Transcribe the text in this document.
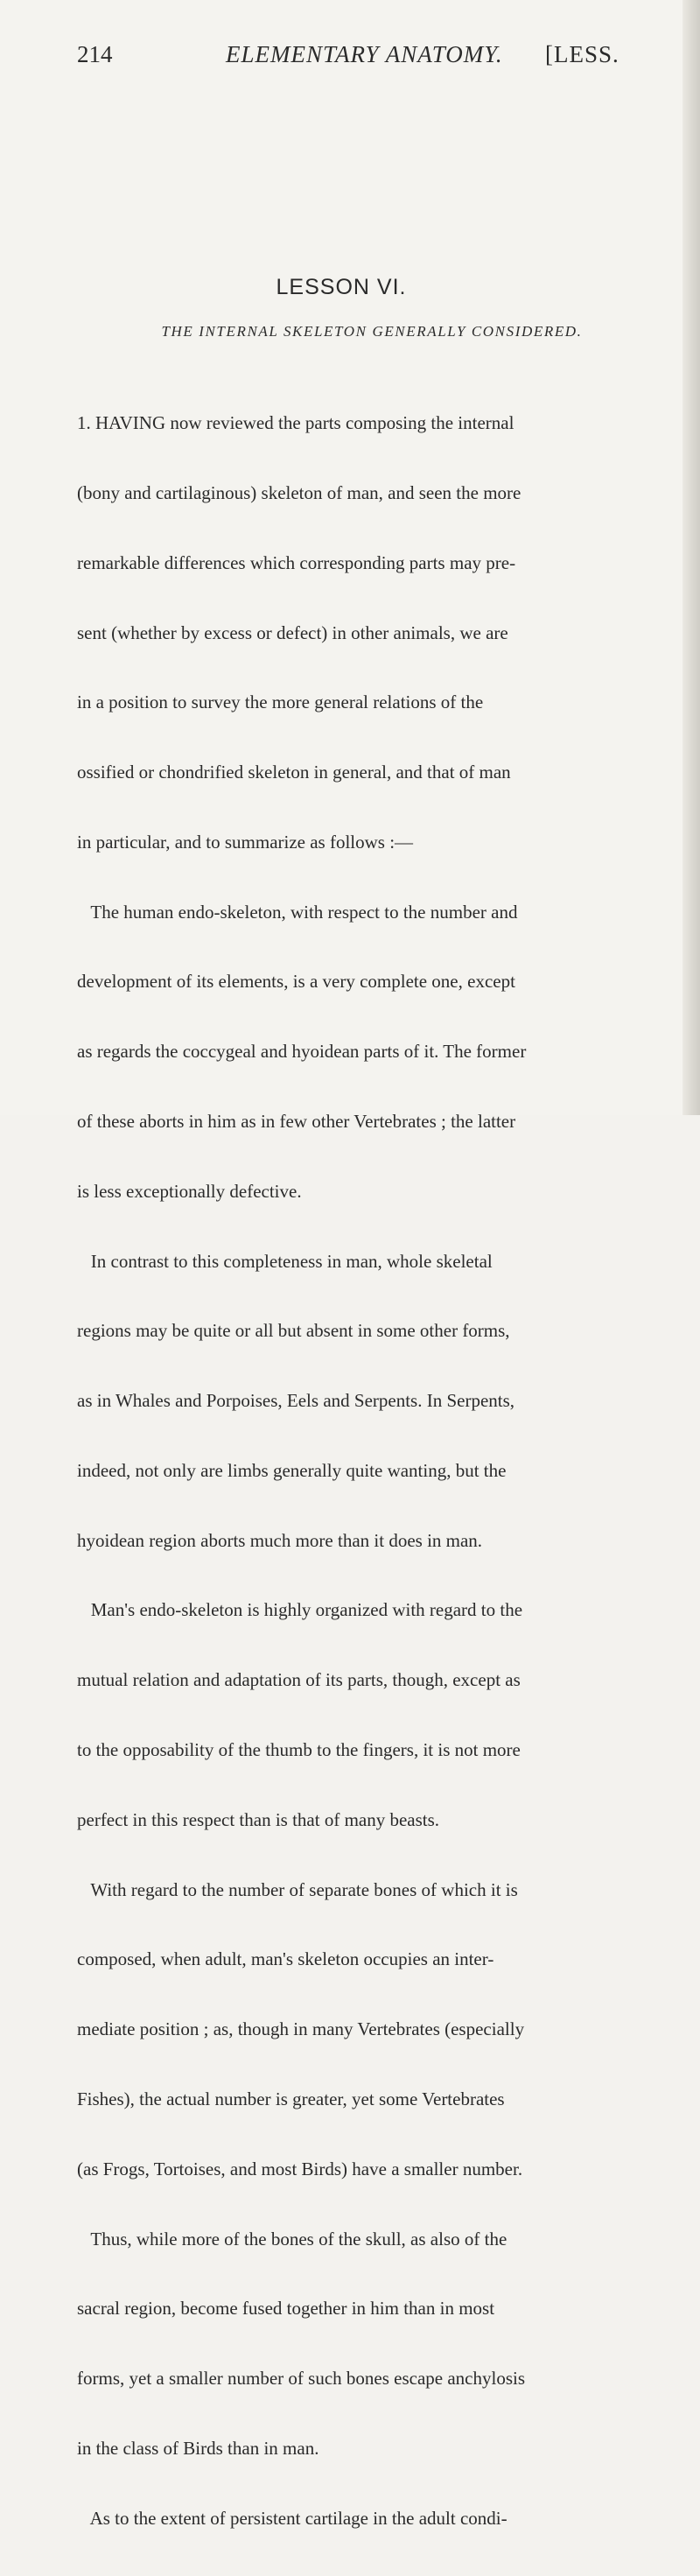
214	ELEMENTARY ANATOMY. [LESS.
LESSON VI.
THE INTERNAL SKELETON GENERALLY CONSIDERED.

1. HAVING now reviewed the parts composing the internal

(bony and cartilaginous) skeleton of man, and seen the more

remarkable differences which corresponding parts may pre-

sent (whether by excess or defect) in other animals, we are

in a position to survey the more general relations of the

ossified or chondrified skeleton in general, and that of man

in particular, and to summarize as follows :—

The human endo-skeleton, with respect to the number and

development of its elements, is a very complete one, except

as regards the coccygeal and hyoidean parts of it. The former

of these aborts in him as in few other Vertebrates ; the latter

is less exceptionally defective.

In contrast to this completeness in man, whole skeletal

regions may be quite or all but absent in some other forms,

as in Whales and Porpoises, Eels and Serpents. In Serpents,

indeed, not only are limbs generally quite wanting, but the

hyoidean region aborts much more than it does in man.

Man's endo-skeleton is highly organized with regard to the

mutual relation and adaptation of its parts, though, except as

to the opposability of the thumb to the fingers, it is not more

perfect in this respect than is that of many beasts.

With regard to the number of separate bones of which it is

composed, when adult, man's skeleton occupies an inter-

mediate position ; as, though in many Vertebrates (especially

Fishes), the actual number is greater, yet some Vertebrates

(as Frogs, Tortoises, and most Birds) have a smaller number.

Thus, while more of the bones of the skull, as also of the

sacral region, become fused together in him than in most

forms, yet a smaller number of such bones escape anchylosis

in the class of Birds than in man.

As to the extent of persistent cartilage in the adult condi-
